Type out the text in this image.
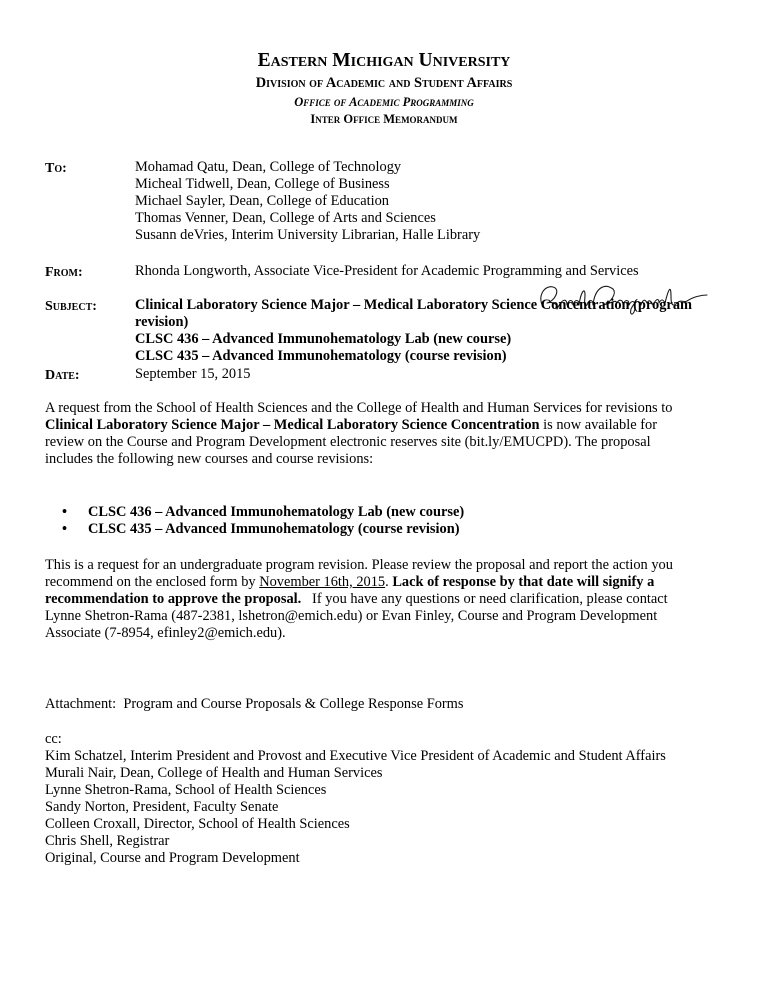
Eastern Michigan University
Division of Academic and Student Affairs
Office of Academic Programming
Inter Office Memorandum
To:	Mohamad Qatu, Dean, College of Technology
Micheal Tidwell, Dean, College of Business
Michael Sayler, Dean, College of Education
Thomas Venner, Dean, College of Arts and Sciences
Susann deVries, Interim University Librarian, Halle Library
From:	Rhonda Longworth, Associate Vice-President for Academic Programming and Services
Subject:	Clinical Laboratory Science Major – Medical Laboratory Science Concentration (program
revision)
CLSC 436 – Advanced Immunohematology Lab (new course)
CLSC 435 – Advanced Immunohematology (course revision)
Date:	September 15, 2015
A request from the School of Health Sciences and the College of Health and Human Services for revisions to
Clinical Laboratory Science Major – Medical Laboratory Science Concentration is now available for
review on the Course and Program Development electronic reserves site (bit.ly/EMUCPD). The proposal
includes the following new courses and course revisions:
• CLSC 436 – Advanced Immunohematology Lab (new course)
• CLSC 435 – Advanced Immunohematology (course revision)
This is a request for an undergraduate program revision. Please review the proposal and report the action you
recommend on the enclosed form by November 16th, 2015. Lack of response by that date will signify a
recommendation to approve the proposal.   If you have any questions or need clarification, please contact
Lynne Shetron-Rama (487-2381, lshetron@emich.edu) or Evan Finley, Course and Program Development
Associate (7-8954, efinley2@emich.edu).
Attachment:  Program and Course Proposals & College Response Forms
cc:
Kim Schatzel, Interim President and Provost and Executive Vice President of Academic and Student Affairs
Murali Nair, Dean, College of Health and Human Services
Lynne Shetron-Rama, School of Health Sciences
Sandy Norton, President, Faculty Senate
Colleen Croxall, Director, School of Health Sciences
Chris Shell, Registrar
Original, Course and Program Development
